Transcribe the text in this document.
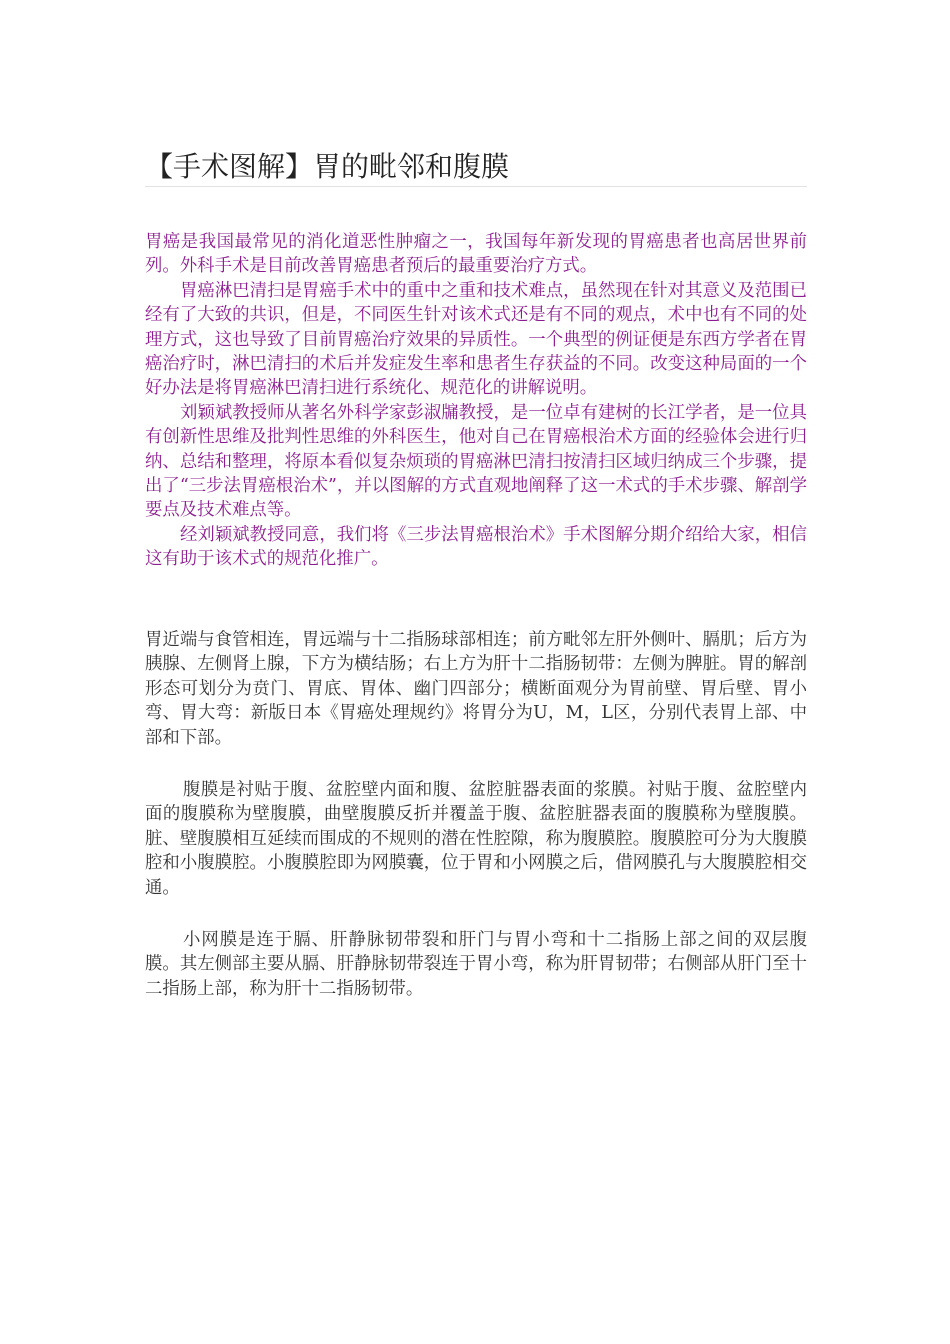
【手术图解】胃的毗邻和腹膜

胃癌是我国最常见的消化道恶性肿瘤之一，我国每年新发现的胃癌患者也高居世界前列。外科手术是目前改善胃癌患者预后的最重要治疗方式。

胃癌淋巴清扫是胃癌手术中的重中之重和技术难点，虽然现在针对其意义及范围已经有了大致的共识，但是，不同医生针对该术式还是有不同的观点，术中也有不同的处理方式，这也导致了目前胃癌治疗效果的异质性。一个典型的例证便是东西方学者在胃癌治疗时，淋巴清扫的术后并发症发生率和患者生存获益的不同。改变这种局面的一个好办法是将胃癌淋巴清扫进行系统化、规范化的讲解说明。

刘颖斌教授师从著名外科学家彭淑牖教授，是一位卓有建树的长江学者，是一位具有创新性思维及批判性思维的外科医生，他对自己在胃癌根治术方面的经验体会进行归纳、总结和整理，将原本看似复杂烦琐的胃癌淋巴清扫按清扫区域归纳成三个步骤，提出了“三步法胃癌根治术”，并以图解的方式直观地阐释了这一术式的手术步骤、解剖学要点及技术难点等。

经刘颖斌教授同意，我们将《三步法胃癌根治术》手术图解分期介绍给大家，相信这有助于该术式的规范化推广。

胃近端与食管相连，胃远端与十二指肠球部相连；前方毗邻左肝外侧叶、膈肌；后方为胰腺、左侧肾上腺，下方为横结肠；右上方为肝十二指肠韧带：左侧为脾脏。胃的解剖形态可划分为贲门、胃底、胃体、幽门四部分；横断面观分为胃前壁、胃后壁、胃小弯、胃大弯：新版日本《胃癌处理规约》将胃分为U，M，L区，分别代表胃上部、中部和下部。

腹膜是衬贴于腹、盆腔壁内面和腹、盆腔脏器表面的浆膜。衬贴于腹、盆腔壁内面的腹膜称为壁腹膜，曲壁腹膜反折并覆盖于腹、盆腔脏器表面的腹膜称为壁腹膜。脏、壁腹膜相互延续而围成的不规则的潜在性腔隙，称为腹膜腔。腹膜腔可分为大腹膜腔和小腹膜腔。小腹膜腔即为网膜囊，位于胃和小网膜之后，借网膜孔与大腹膜腔相交通。

小网膜是连于膈、肝静脉韧带裂和肝门与胃小弯和十二指肠上部之间的双层腹膜。其左侧部主要从膈、肝静脉韧带裂连于胃小弯，称为肝胃韧带；右侧部从肝门至十二指肠上部，称为肝十二指肠韧带。
